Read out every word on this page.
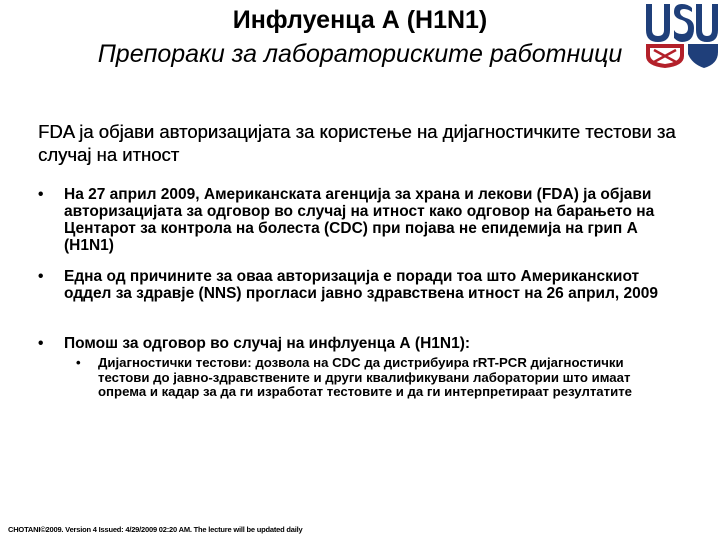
Инфлуенца А (H1N1)
Препораки за лабораториските работници
FDA ја објави авторизацијата за користење на дијагностичките тестови за случај на итност
• На 27 април 2009, Американската агенција за храна и лекови (FDA) ја објави авторизацијата за одговор во случај на итност како одговор на барањето на Центарот за контрола на болеста (CDC) при појава не епидемија на грип А (H1N1)
• Една од причините за оваа авторизација е поради тоа што Американскиот оддел за здравје (NNS) прогласи јавно здравствена итност на 26 април, 2009
• Помош за одговор во случај на инфлуенца А (H1N1):
• Дијагностички тестови: дозвола на CDC да дистрибуира rRT-PCR дијагностички тестови до јавно-здравствените и други квалификувани лаборатории што имаат опрема и кадар за да ги изработат тестовите и да ги интерпретираат резултатите
CHOTANI©2009. Version 4 Issued: 4/29/2009 02:20 AM. The lecture will be updated daily
